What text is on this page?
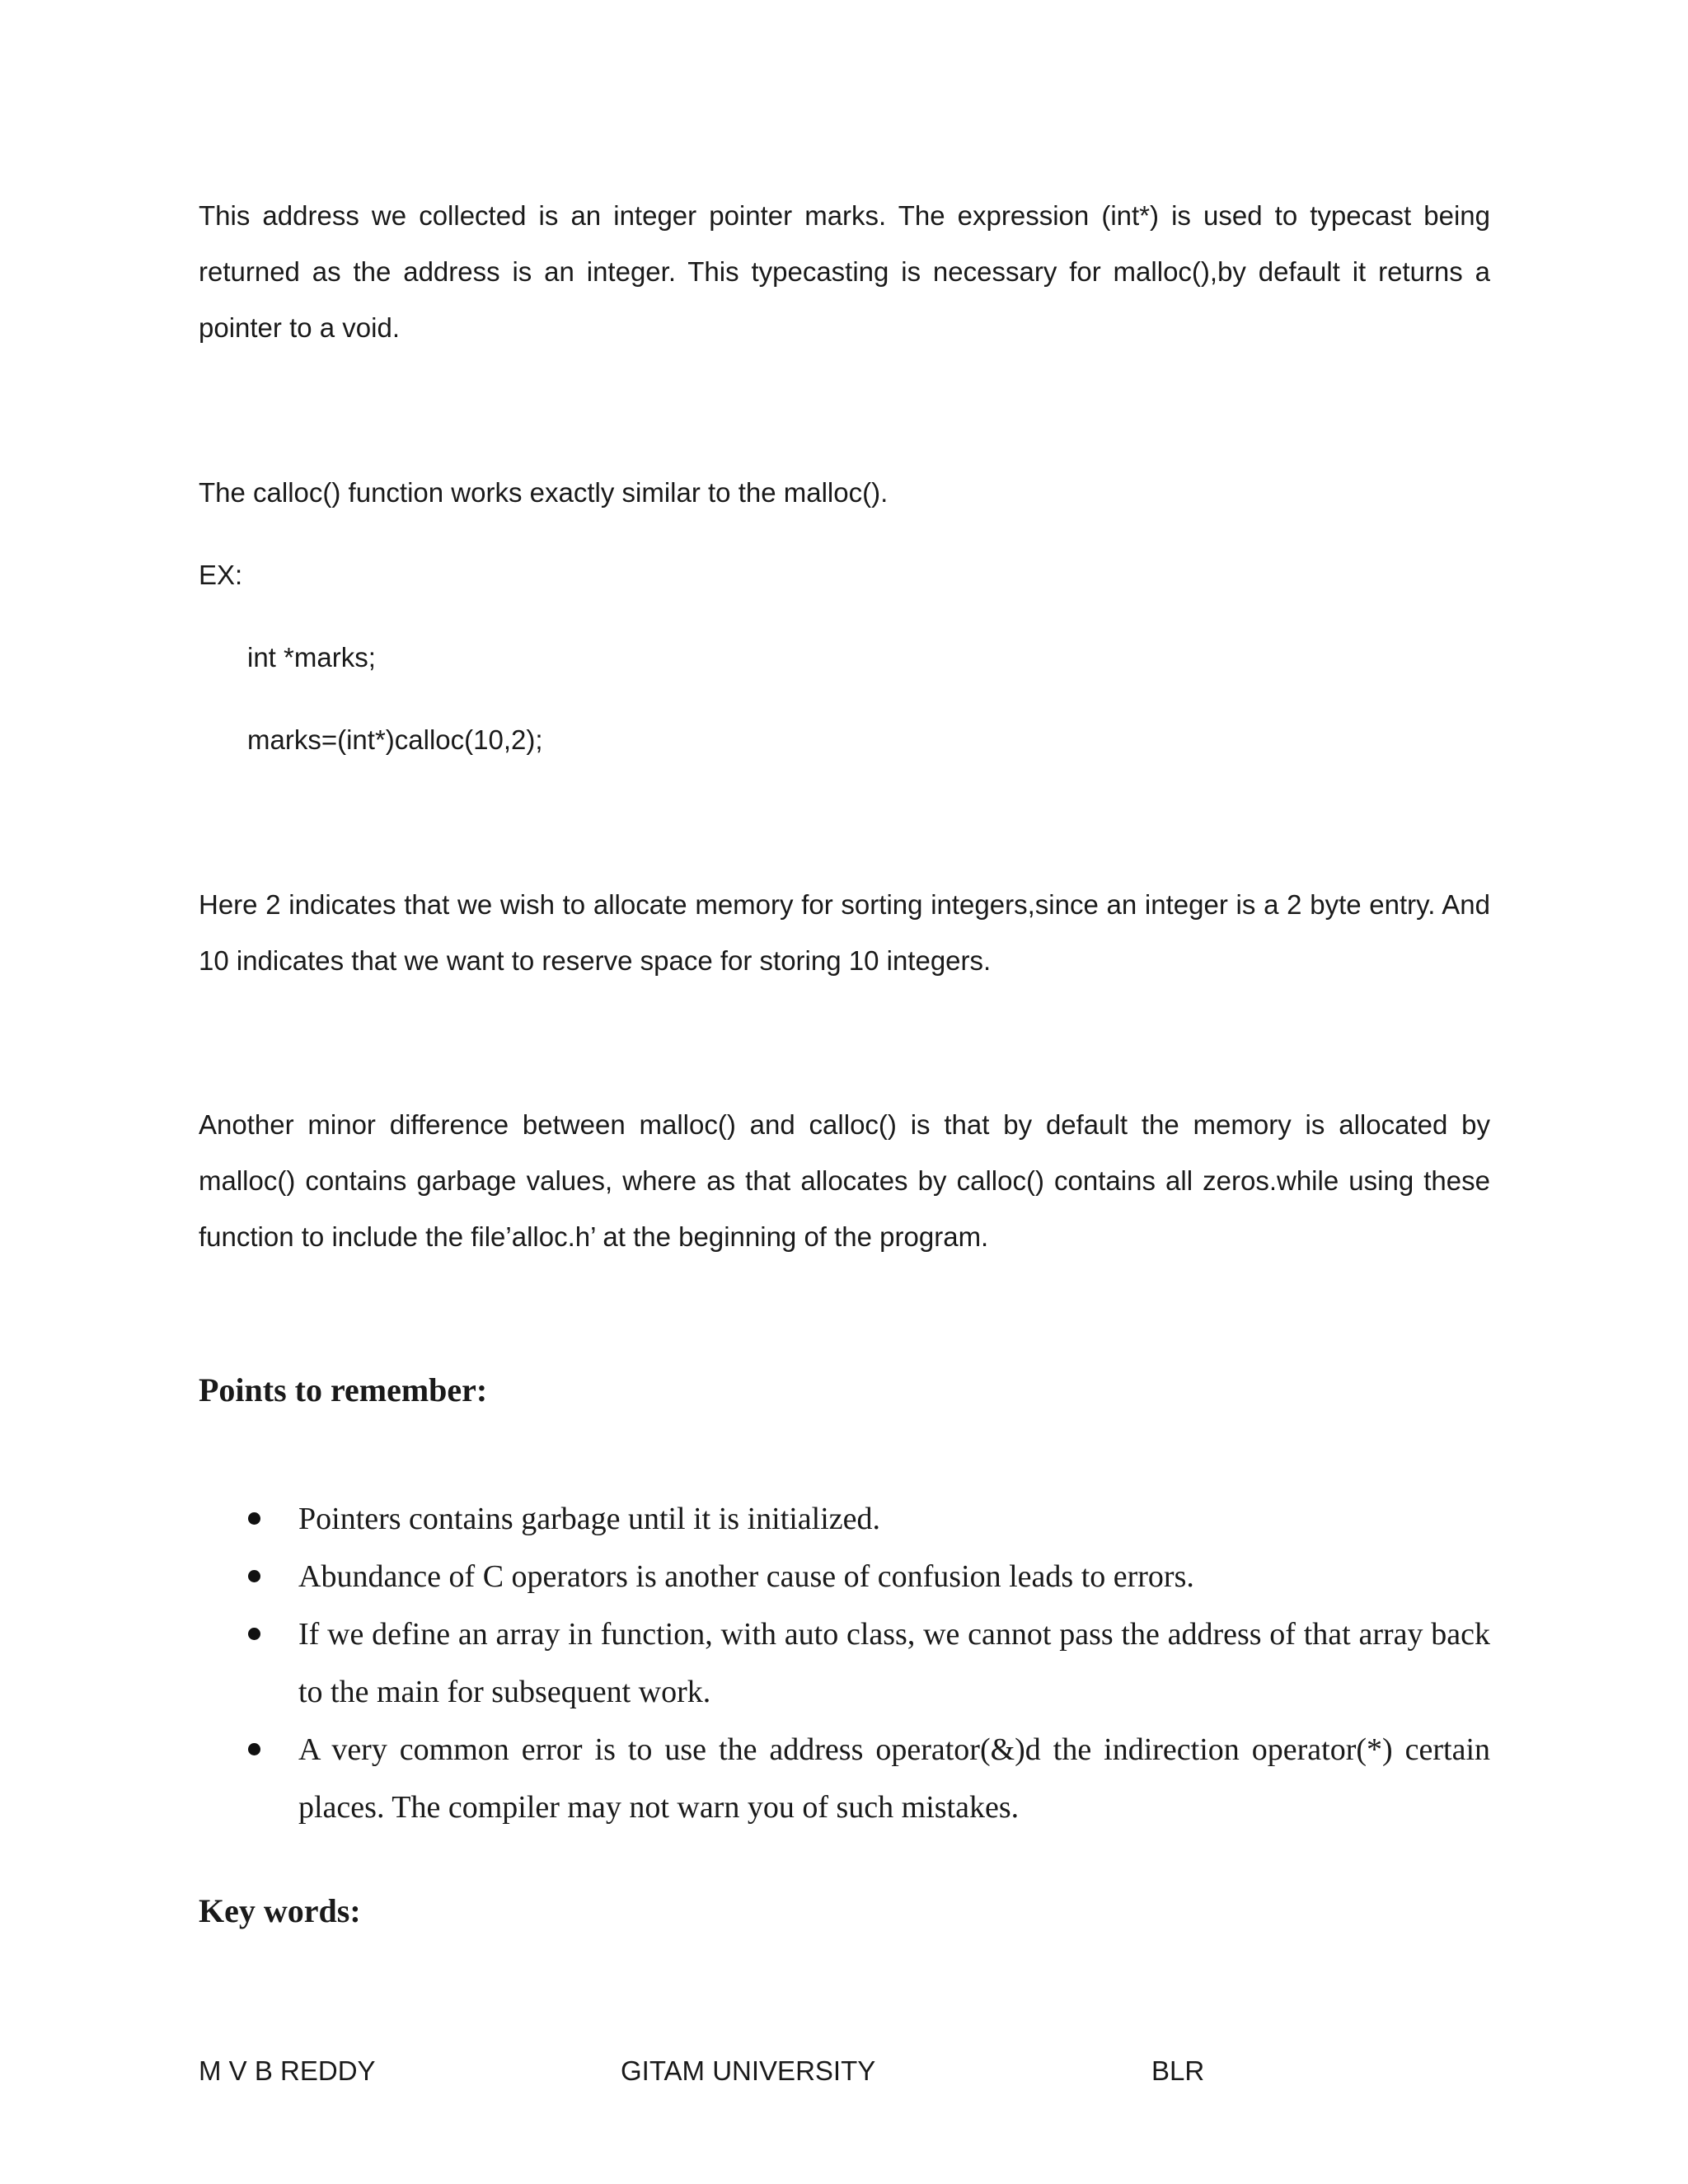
This address we collected is an integer pointer marks. The expression (int*) is used to typecast being returned as the address is an integer. This typecasting is necessary for malloc(),by default it returns a pointer to a void.

The calloc() function works exactly similar to the malloc().

EX:

int *marks;

marks=(int*)calloc(10,2);

Here 2 indicates that we wish to allocate memory for sorting integers,since an integer is a 2 byte entry. And 10 indicates that we want to reserve space for storing 10 integers.

Another minor difference between malloc() and calloc() is that by default the memory is allocated by malloc() contains garbage values, where as that allocates by calloc() contains all zeros.while using these function to include the file’alloc.h’ at the beginning of the program.

Points to remember:
Pointers contains garbage until it is initialized.
Abundance of C operators is another cause of confusion leads to errors.
If we define an array in function, with auto class, we cannot pass the address of that array back to the main for subsequent work.
A very common error is to use the address operator(&)d the indirection operator(*) certain places. The compiler may not warn you of such mistakes.
Key words:

M V B REDDY	GITAM UNIVERSITY	BLR
